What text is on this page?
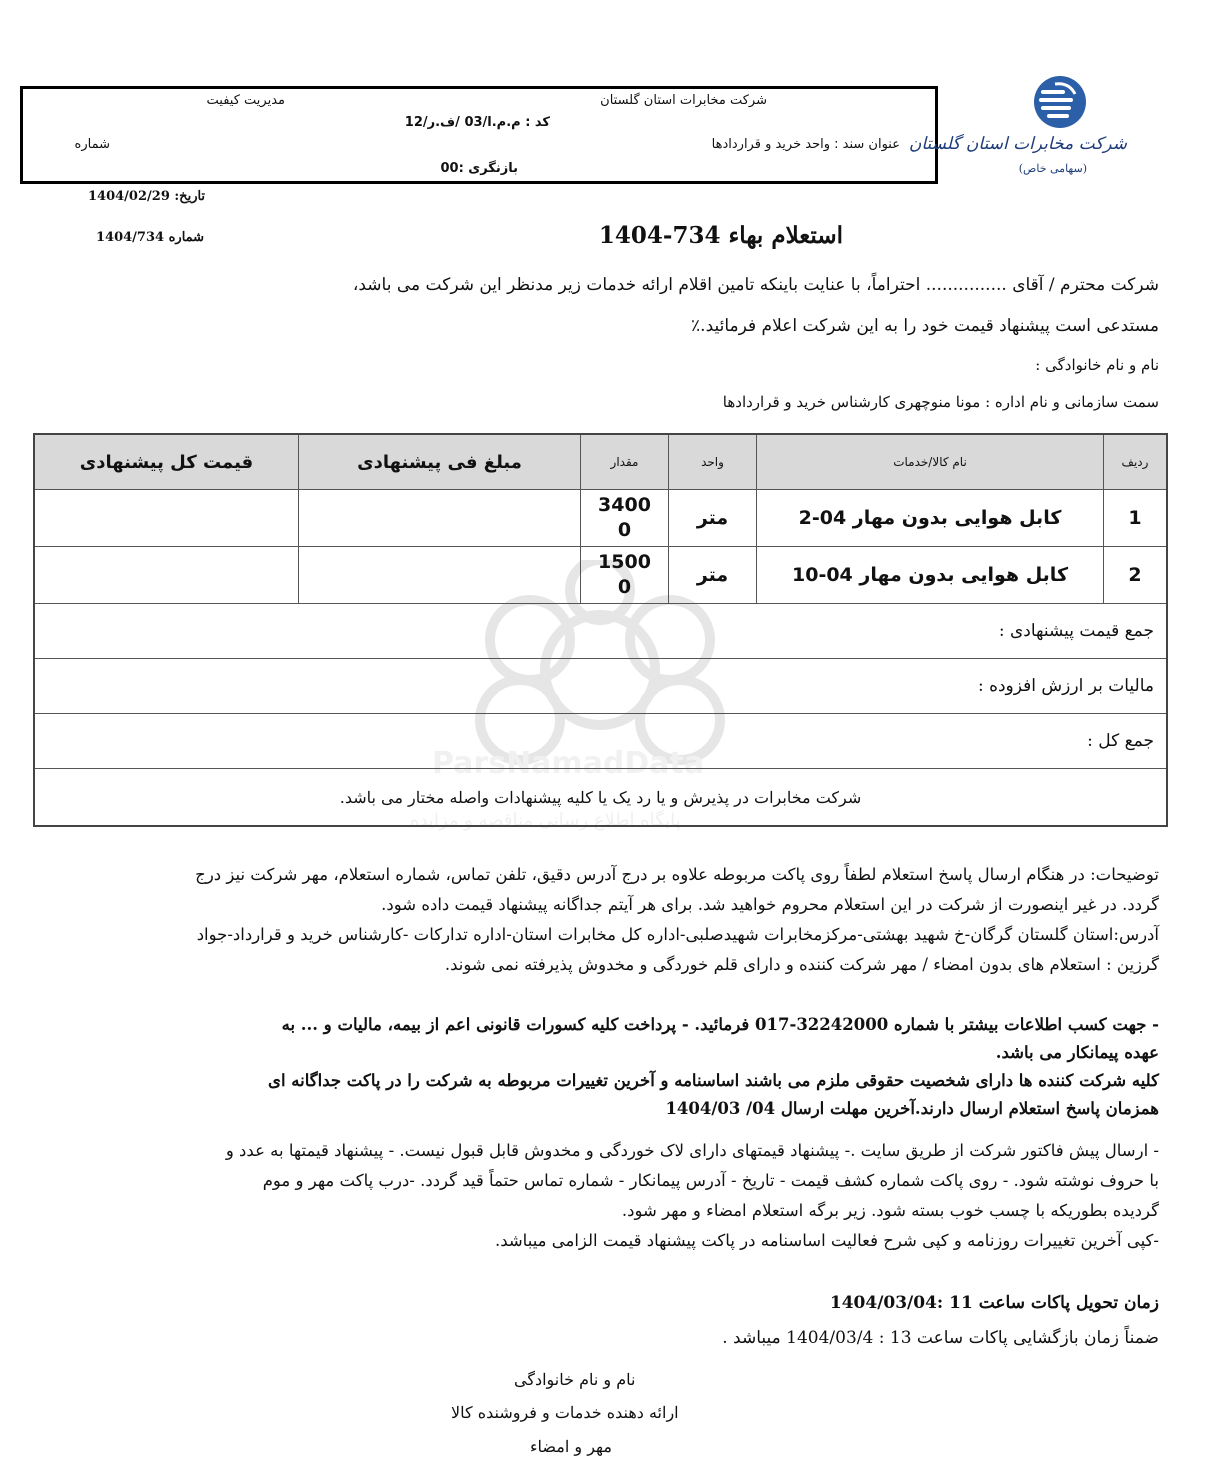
شرکت مخابرات استان گلستان
مدیریت کیفیت
کد : م.م.ا/03 /ف.ر/12
عنوان سند : واحد خرید و قراردادها
شماره
بازنگری :00
شرکت مخابرات استان گلستان
(سهامی خاص)
تاریخ: 1404/02/29
شماره 1404/734	استعلام بهاء 734-1404
شرکت محترم / آقای ............... احتراماً، با عنایت باینکه تامین اقلام ارائه خدمات زیر مدنظر این شرکت می باشد،
مستدعی است پیشنهاد قیمت خود را به این شرکت اعلام فرمائید.٪
نام و نام خانوادگی :
سمت سازمانی و نام اداره : مونا منوچهری کارشناس خرید و قراردادها
ParsNamadData
پایگاه اطلاع رسانی مناقصه و مزایده
ردیف	نام کالا/خدمات	واحد	مقدار	مبلغ فی پیشنهادی	قیمت کل پیشنهادی
1	کابل هوایی بدون مهار 04-2	متر	3400
0		

2	کابل هوایی بدون مهار 04-10	متر	1500
0		

جمع قیمت پیشنهادی :					
مالیات بر ارزش افزوده :					
جمع کل :					
شرکت مخابرات در پذیرش و یا رد یک یا کلیه پیشنهادات واصله مختار می باشد.					

توضیحات: در هنگام ارسال پاسخ استعلام لطفاً روی پاکت مربوطه علاوه بر درج آدرس دقیق، تلفن تماس، شماره استعلام، مهر شرکت نیز درج

گردد. در غیر اینصورت از شرکت در این استعلام محروم خواهید شد. برای هر آیتم جداگانه پیشنهاد قیمت داده شود.

آدرس:استان گلستان گرگان-خ شهید بهشتی-مرکزمخابرات شهیدصلبی-اداره کل مخابرات استان-اداره تدارکات -کارشناس خرید و قرارداد-جواد

گرزین : استعلام های بدون امضاء / مهر شرکت کننده و دارای قلم خوردگی و مخدوش پذیرفته نمی شوند.

- جهت کسب اطلاعات بیشتر با شماره 32242000-017 فرمائید. - پرداخت کلیه کسورات قانونی اعم از بیمه، مالیات و ... به

عهده پیمانکار می باشد.

کلیه شرکت کننده ها دارای شخصیت حقوقی ملزم می باشند اساسنامه و آخرین تغییرات مربوطه به شرکت را در پاکت جداگانه ای

همزمان پاسخ استعلام ارسال دارند.آخرین مهلت ارسال 04/ 1404/03

- ارسال پیش فاکتور شرکت از طریق سایت .- پیشنهاد قیمتهای دارای لاک خوردگی و مخدوش قابل قبول نیست. - پیشنهاد قیمتها به عدد و

با حروف نوشته شود. - روی پاکت شماره کشف قیمت - تاریخ - آدرس پیمانکار - شماره تماس حتماً قید گردد. -درب پاکت مهر و موم

گردیده بطوریکه با چسب خوب بسته شود. زیر برگه استعلام امضاء و مهر شود.

-کپی آخرین تغییرات روزنامه و کپی شرح فعالیت اساسنامه در پاکت پیشنهاد قیمت الزامی میباشد.

زمان تحویل پاکات ساعت 11 :1404/03/04

ضمناً زمان بازگشایی پاکات ساعت 13 : 1404/03/4 میباشد .

نام و نام خانوادگی
ارائه دهنده خدمات و فروشنده کالا
مهر و امضاء
